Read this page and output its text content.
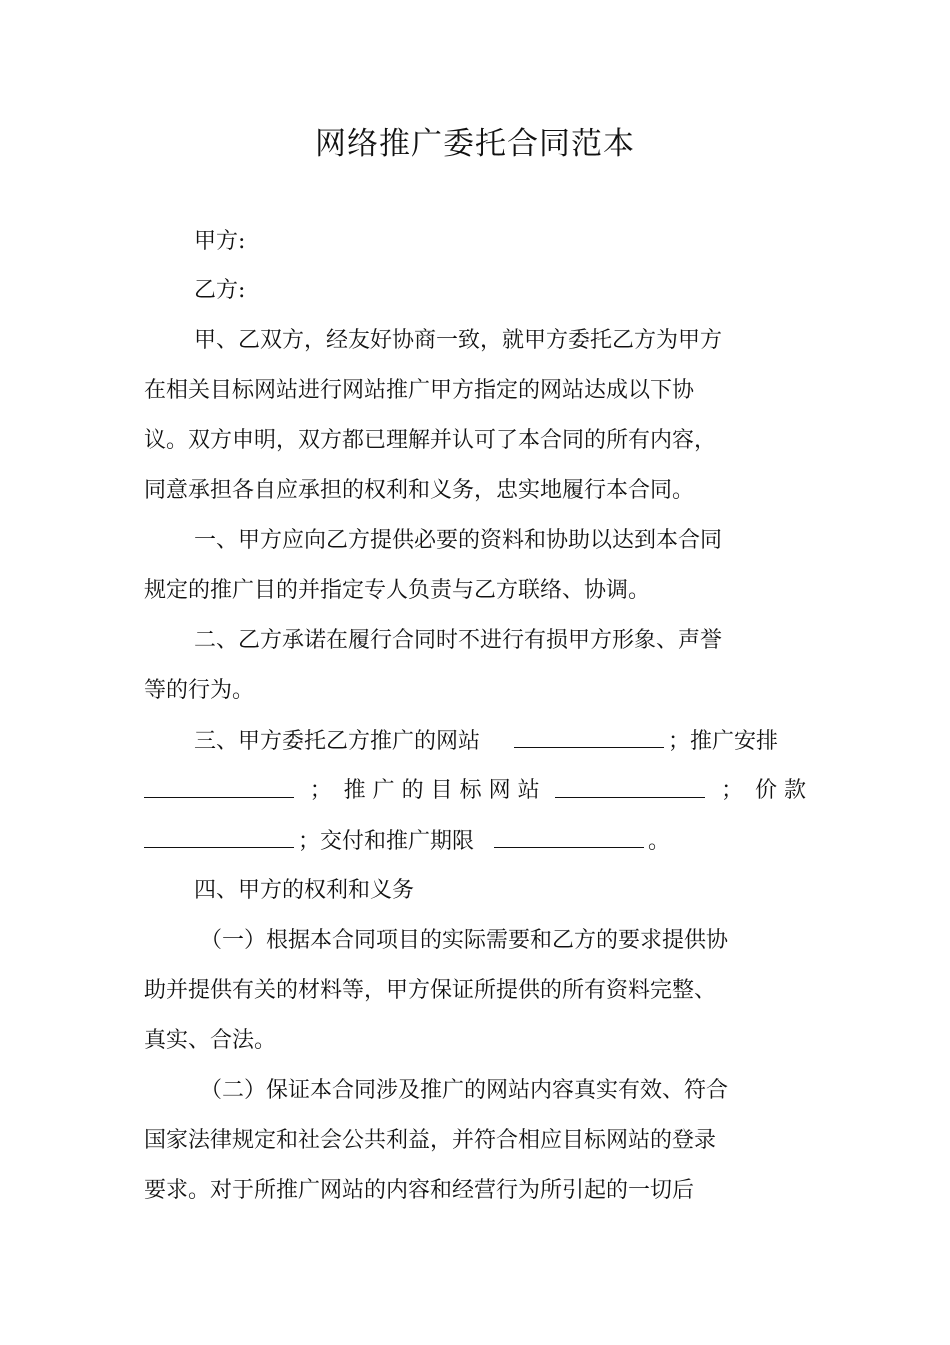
网络推广委托合同范本
甲方:
乙方:
甲、乙双方，经友好协商一致，就甲方委托乙方为甲方
在相关目标网站进行网站推广甲方指定的网站达成以下协
议。双方申明，双方都已理解并认可了本合同的所有内容，
同意承担各自应承担的权利和义务，忠实地履行本合同。
一、甲方应向乙方提供必要的资料和协助以达到本合同
规定的推广目的并指定专人负责与乙方联络、协调。
二、乙方承诺在履行合同时不进行有损甲方形象、声誉
等的行为。
三、甲方委托乙方推广的网站	；推广安排
； 推 广 的 目 标 网 站	； 价 款
；交付和推广期限	。
四、甲方的权利和义务
（一）根据本合同项目的实际需要和乙方的要求提供协
助并提供有关的材料等，甲方保证所提供的所有资料完整、
真实、合法。
（二）保证本合同涉及推广的网站内容真实有效、符合
国家法律规定和社会公共利益，并符合相应目标网站的登录
要求。对于所推广网站的内容和经营行为所引起的一切后
